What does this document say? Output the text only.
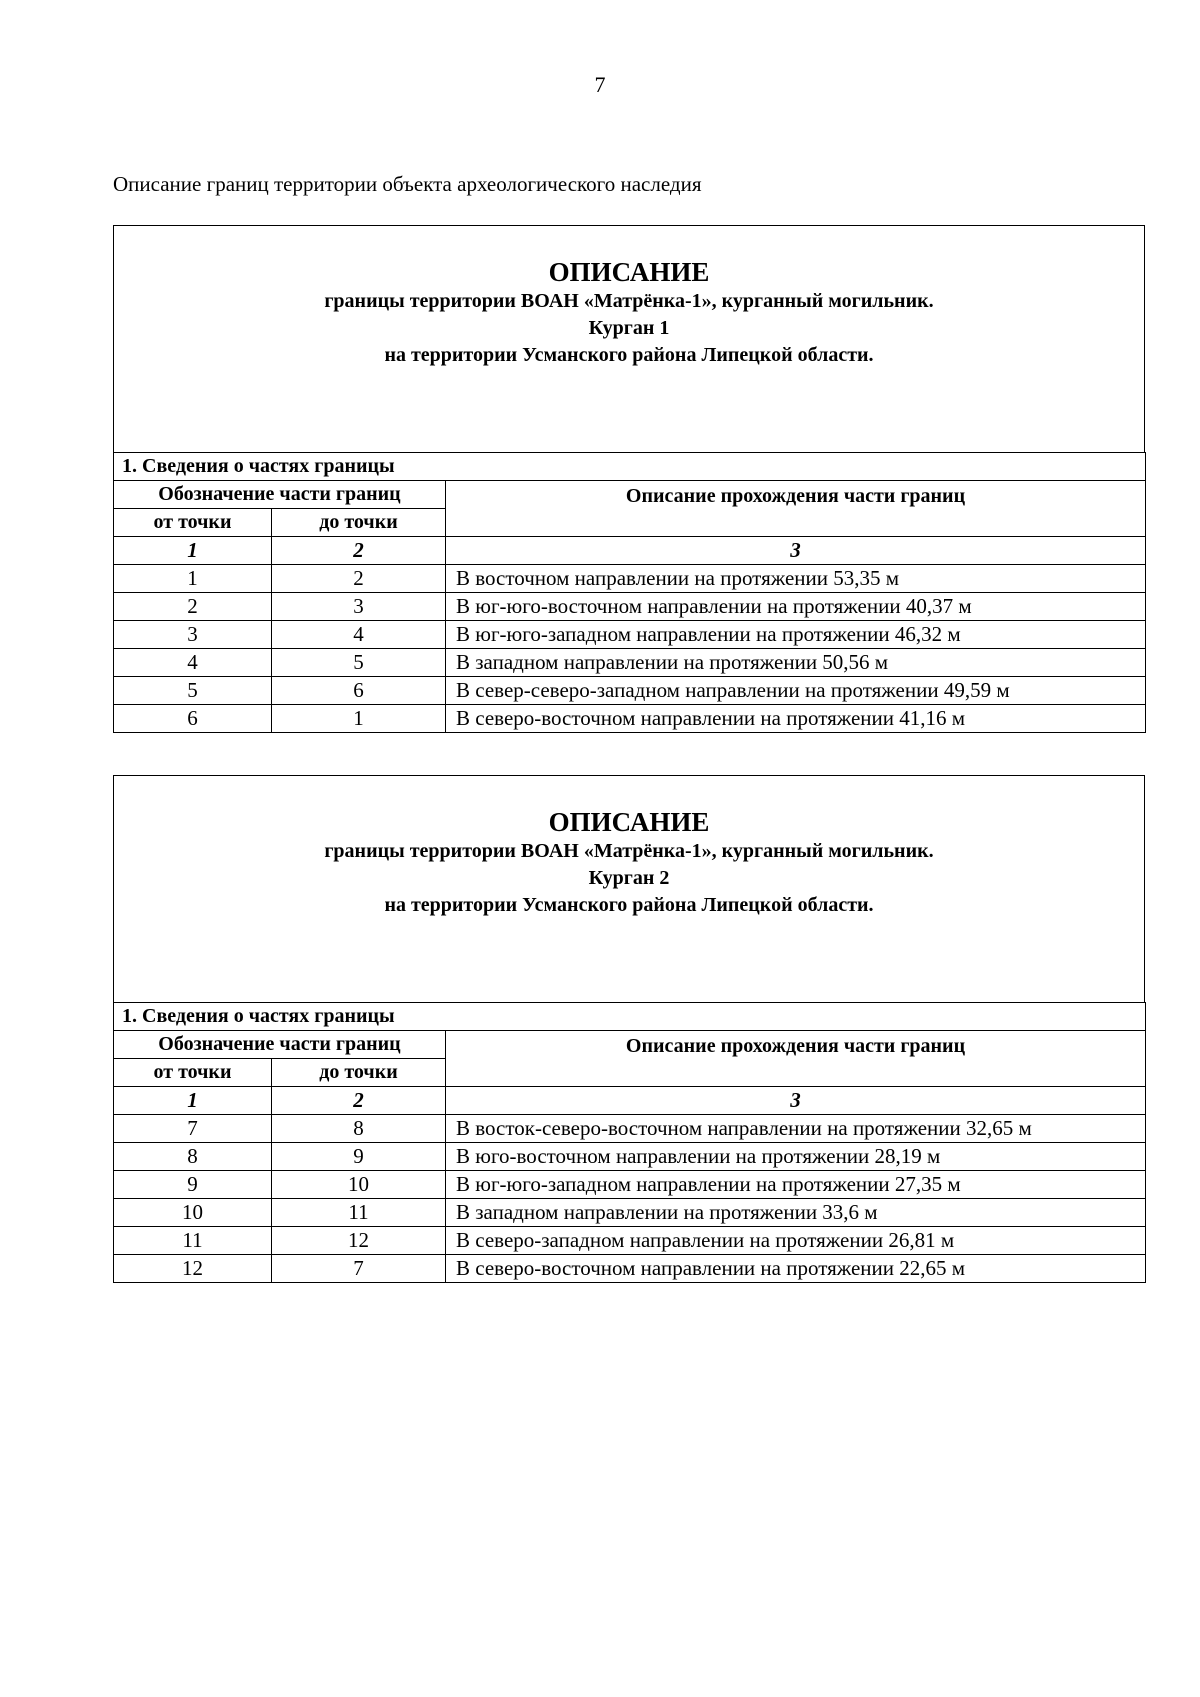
7
Описание границ территории объекта археологического наследия
ОПИСАНИЕ
границы территории ВОАН «Матрёнка-1», курганный могильник.
Курган 1
на территории Усманского района Липецкой области.
1. Сведения о частях границы		
Обозначение части границ		Описание прохождения части границ
от точки	до точки	
1	2	3
1	2	В восточном направлении на протяжении 53,35 м
2	3	В юг-юго-восточном направлении на протяжении 40,37 м
3	4	В юг-юго-западном направлении на протяжении 46,32 м
4	5	В западном направлении на протяжении 50,56 м
5	6	В север-северо-западном направлении на протяжении 49,59 м
6	1	В северо-восточном направлении на протяжении 41,16 м
ОПИСАНИЕ
границы территории ВОАН «Матрёнка-1», курганный могильник.
Курган 2
на территории Усманского района Липецкой области.
1. Сведения о частях границы		
Обозначение части границ		Описание прохождения части границ
от точки	до точки	
1	2	3
7	8	В восток-северо-восточном направлении на протяжении 32,65 м
8	9	В юго-восточном направлении на протяжении 28,19 м
9	10	В юг-юго-западном направлении на протяжении 27,35 м
10	11	В западном направлении на протяжении 33,6 м
11	12	В северо-западном направлении на протяжении 26,81 м
12	7	В северо-восточном направлении на протяжении 22,65 м
